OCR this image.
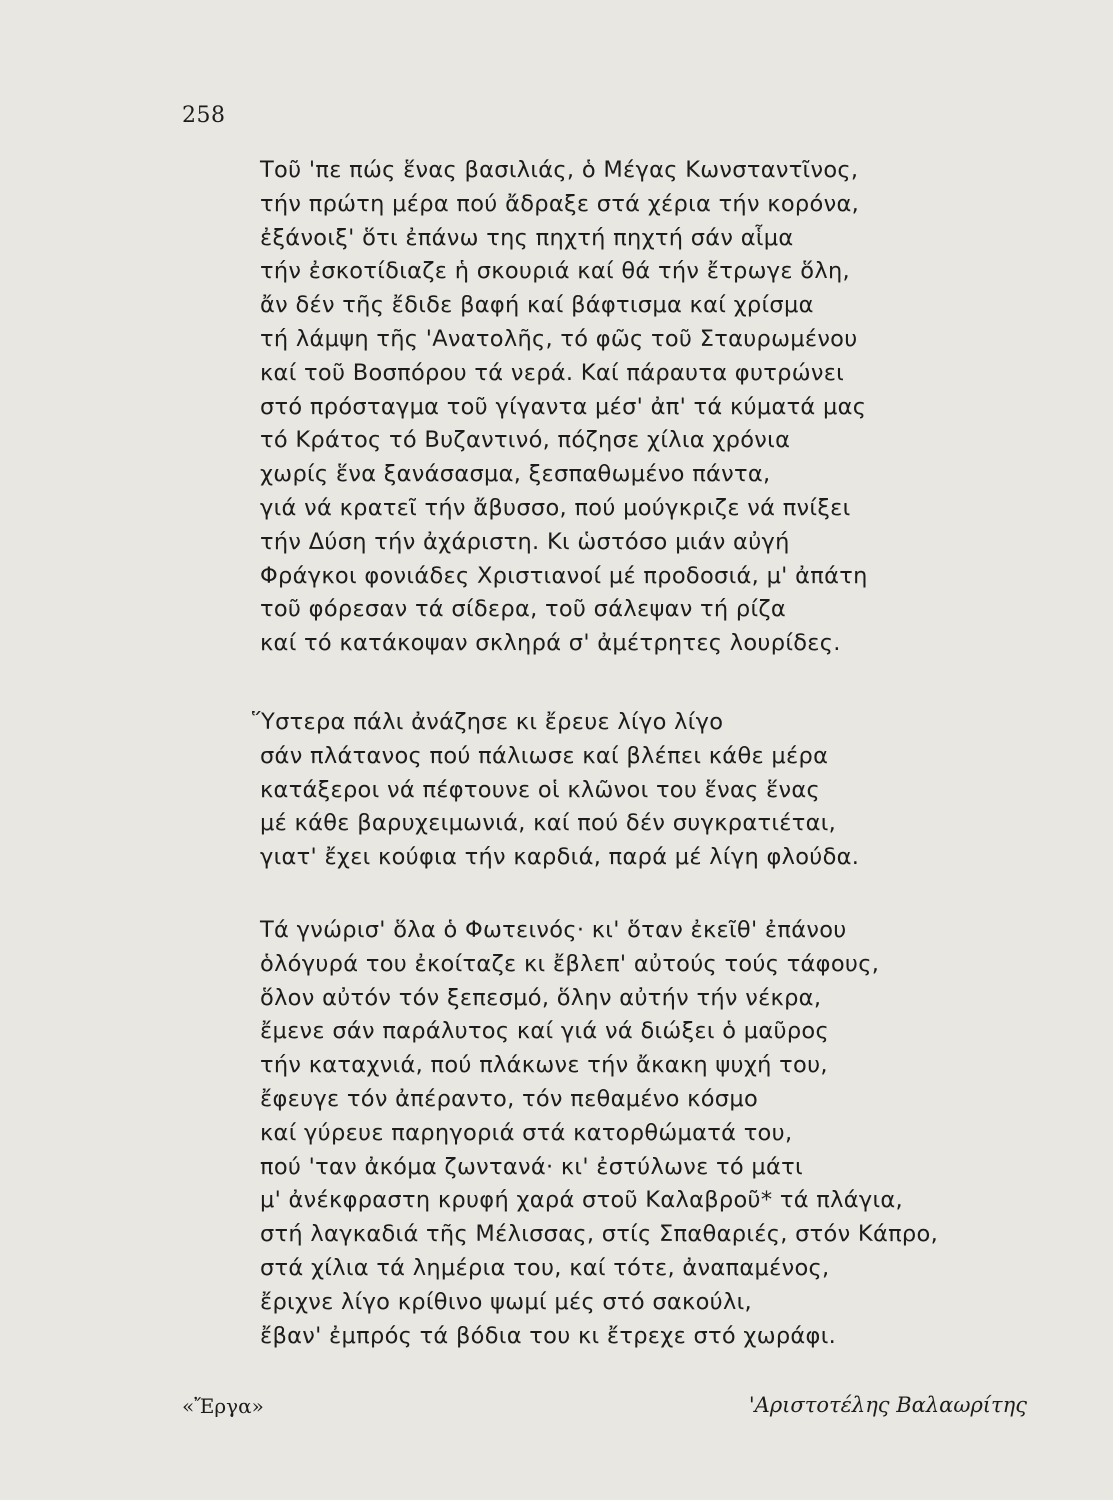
258
Τοῦ 'πε πώς ἕνας βασιλιάς, ὁ Μέγας Κωνσταντῖνος,
τήν πρώτη μέρα πού ἄδραξε στά χέρια τήν κορόνα,
ἐξάνοιξ' ὅτι ἐπάνω της πηχτή πηχτή σάν αἷμα
τήν ἐσκοτίδιαζε ἡ σκουριά καί θά τήν ἔτρωγε ὅλη,
ἄν δέν τῆς ἔδιδε βαφή καί βάφτισμα καί χρίσμα
τή λάμψη τῆς 'Ανατολῆς, τό φῶς τοῦ Σταυρωμένου
καί τοῦ Βοσπόρου τά νερά. Καί πάραυτα φυτρώνει
στό πρόσταγμα τοῦ γίγαντα μέσ' ἀπ' τά κύματά μας
τό Κράτος τό Βυζαντινό, πόζησε χίλια χρόνια
χωρίς ἕνα ξανάσασμα, ξεσπαθωμένο πάντα,
γιά νά κρατεῖ τήν ἄβυσσο, πού μούγκριζε νά πνίξει
τήν Δύση τήν ἀχάριστη. Κι ὡστόσο μιάν αὐγή
Φράγκοι φονιάδες Χριστιανοί μέ προδοσιά, μ' ἀπάτη
τοῦ φόρεσαν τά σίδερα, τοῦ σάλεψαν τή ρίζα
καί τό κατάκοψαν σκληρά σ' ἀμέτρητες λουρίδες.
Ὕστερα πάλι ἀνάζησε κι ἔρευε λίγο λίγο
σάν πλάτανος πού πάλιωσε καί βλέπει κάθε μέρα
κατάξεροι νά πέφτουνε οἱ κλῶνοι του ἕνας ἕνας
μέ κάθε βαρυχειμωνιά, καί πού δέν συγκρατιέται,
γιατ' ἔχει κούφια τήν καρδιά, παρά μέ λίγη φλούδα.
Τά γνώρισ' ὅλα ὁ Φωτεινός· κι' ὅταν ἐκεῖθ' ἐπάνου
ὁλόγυρά του ἐκοίταζε κι ἔβλεπ' αὐτούς τούς τάφους,
ὅλον αὐτόν τόν ξεπεσμό, ὅλην αὐτήν τήν νέκρα,
ἔμενε σάν παράλυτος καί γιά νά διώξει ὁ μαῦρος
τήν καταχνιά, πού πλάκωνε τήν ἄκακη ψυχή του,
ἔφευγε τόν ἀπέραντο, τόν πεθαμένο κόσμο
καί γύρευε παρηγοριά στά κατορθώματά του,
πού 'ταν ἀκόμα ζωντανά· κι' ἐστύλωνε τό μάτι
μ' ἀνέκφραστη κρυφή χαρά στοῦ Καλαβροῦ* τά πλάγια,
στή λαγκαδιά τῆς Μέλισσας, στίς Σπαθαριές, στόν Κάπρο,
στά χίλια τά λημέρια του, καί τότε, ἀναπαμένος,
ἔριχνε λίγο κρίθινο ψωμί μές στό σακούλι,
ἔβαν' ἐμπρός τά βόδια του κι ἔτρεχε στό χωράφι.
«Ἔργα»	'Αριστοτέλης Βαλαωρίτης
